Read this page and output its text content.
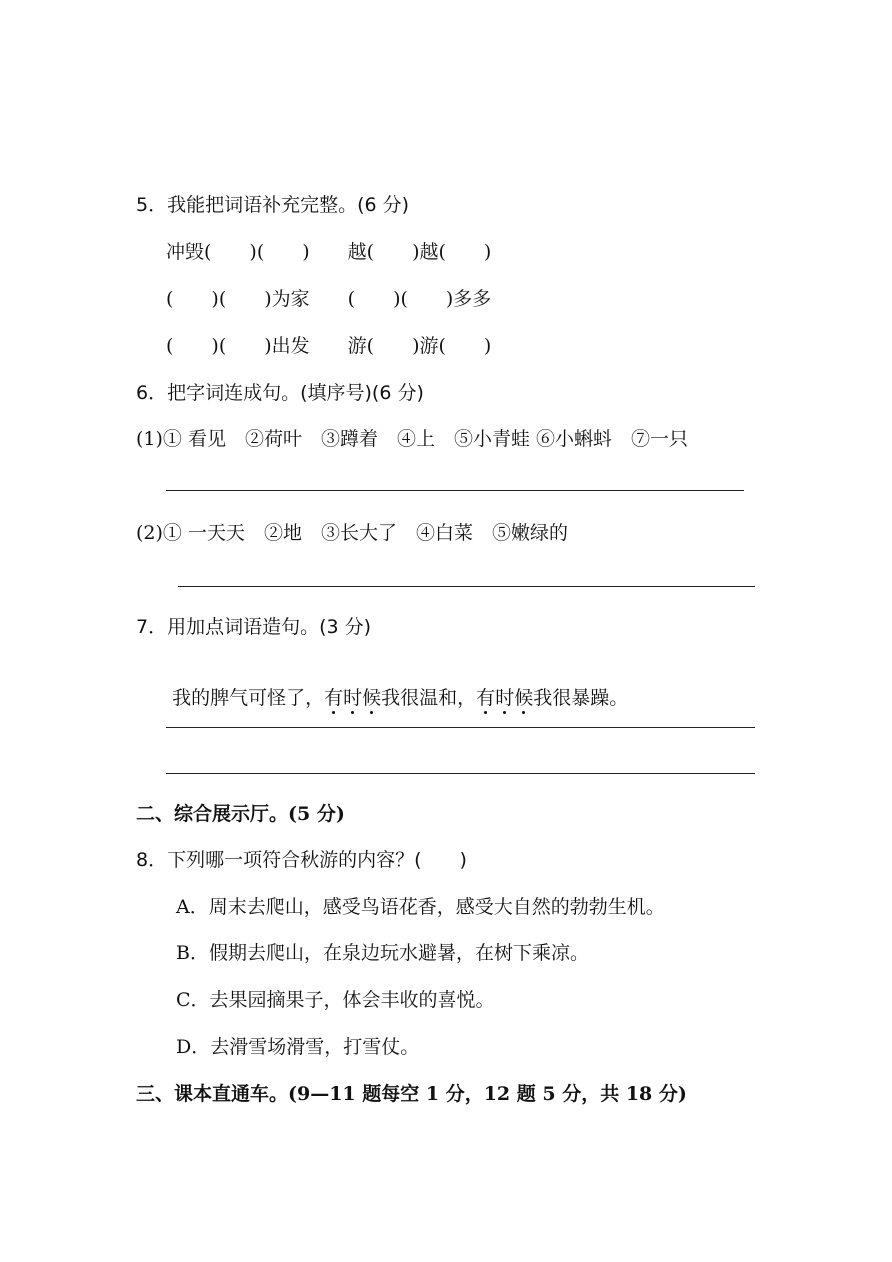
5．我能把词语补充完整。(6 分)
冲毁(　　)(　　)　　越(　　)越(　　)
(　　)(　　)为家　　(　　)(　　)多多
(　　)(　　)出发　　游(　　)游(　　)
6．把字词连成句。(填序号)(6 分)
(1)① 看见　②荷叶　③蹲着　④上　⑤小青蛙 ⑥小蝌蚪　⑦一只
(2)① 一天天　②地　③长大了　④白菜　⑤嫩绿的
7．用加点词语造句。(3 分)

我的脾气可怪了，有时候我很温和，有时候我很暴躁。

二、综合展示厅。(5 分)
8．下列哪一项符合秋游的内容？(　　)
A．周末去爬山，感受鸟语花香，感受大自然的勃勃生机。
B．假期去爬山，在泉边玩水避暑，在树下乘凉。
C．去果园摘果子，体会丰收的喜悦。
D．去滑雪场滑雪，打雪仗。
三、课本直通车。(9—11 题每空 1 分，12 题 5 分，共 18 分)
